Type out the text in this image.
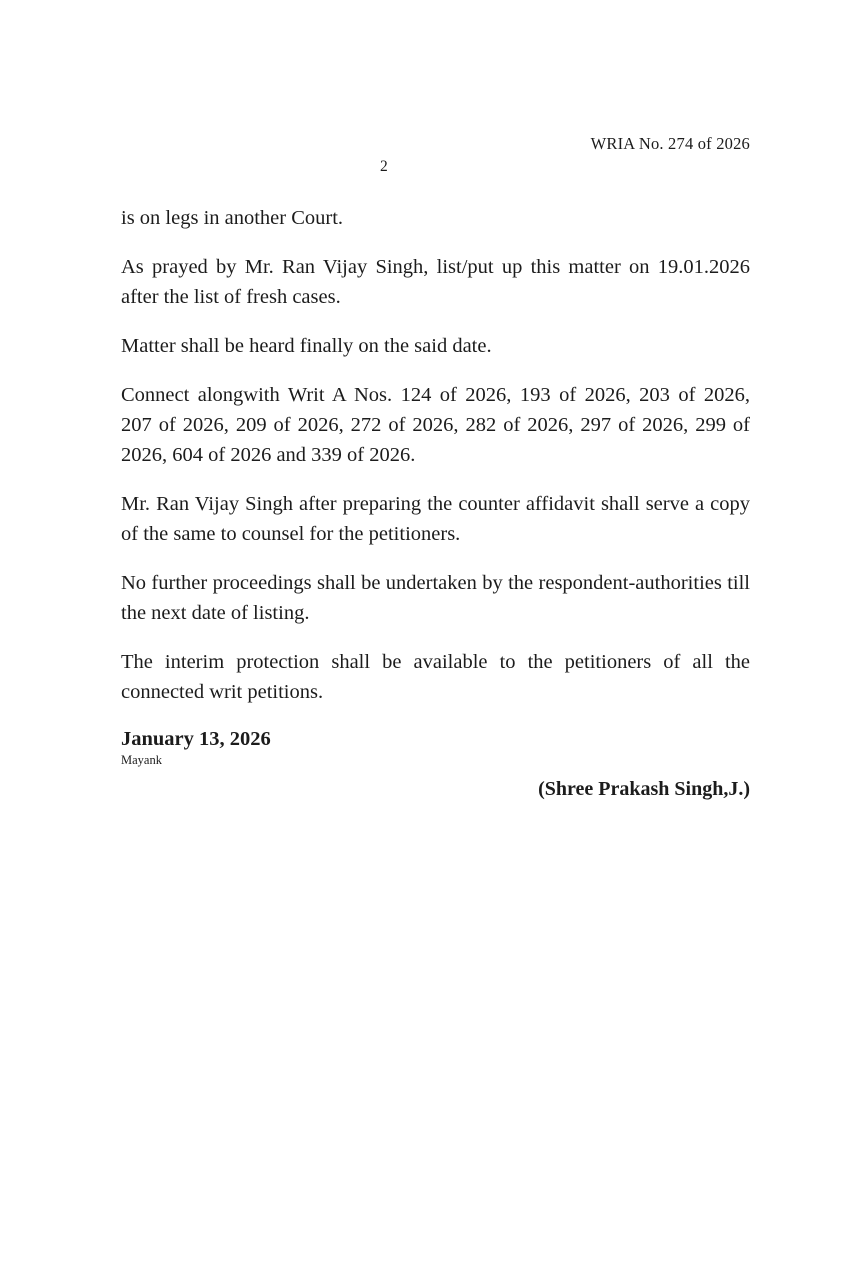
WRIA No. 274 of 2026
2

is on legs in another Court.

As prayed by Mr. Ran Vijay Singh, list/put up this matter on 19.01.2026
after the list of fresh cases.

Matter shall be heard finally on the said date.

Connect alongwith Writ A Nos. 124 of 2026, 193 of 2026, 203 of 2026,
207 of 2026, 209 of 2026, 272 of 2026, 282 of 2026, 297 of 2026, 299 of
2026, 604 of 2026 and 339 of 2026.

Mr. Ran Vijay Singh after preparing the counter affidavit shall serve a copy
of the same to counsel for the petitioners.

No further proceedings shall be undertaken by the respondent-authorities till
the next date of listing.

The interim protection shall be available to the petitioners of all the
connected writ petitions.

January 13, 2026
Mayank
(Shree Prakash Singh,J.)
